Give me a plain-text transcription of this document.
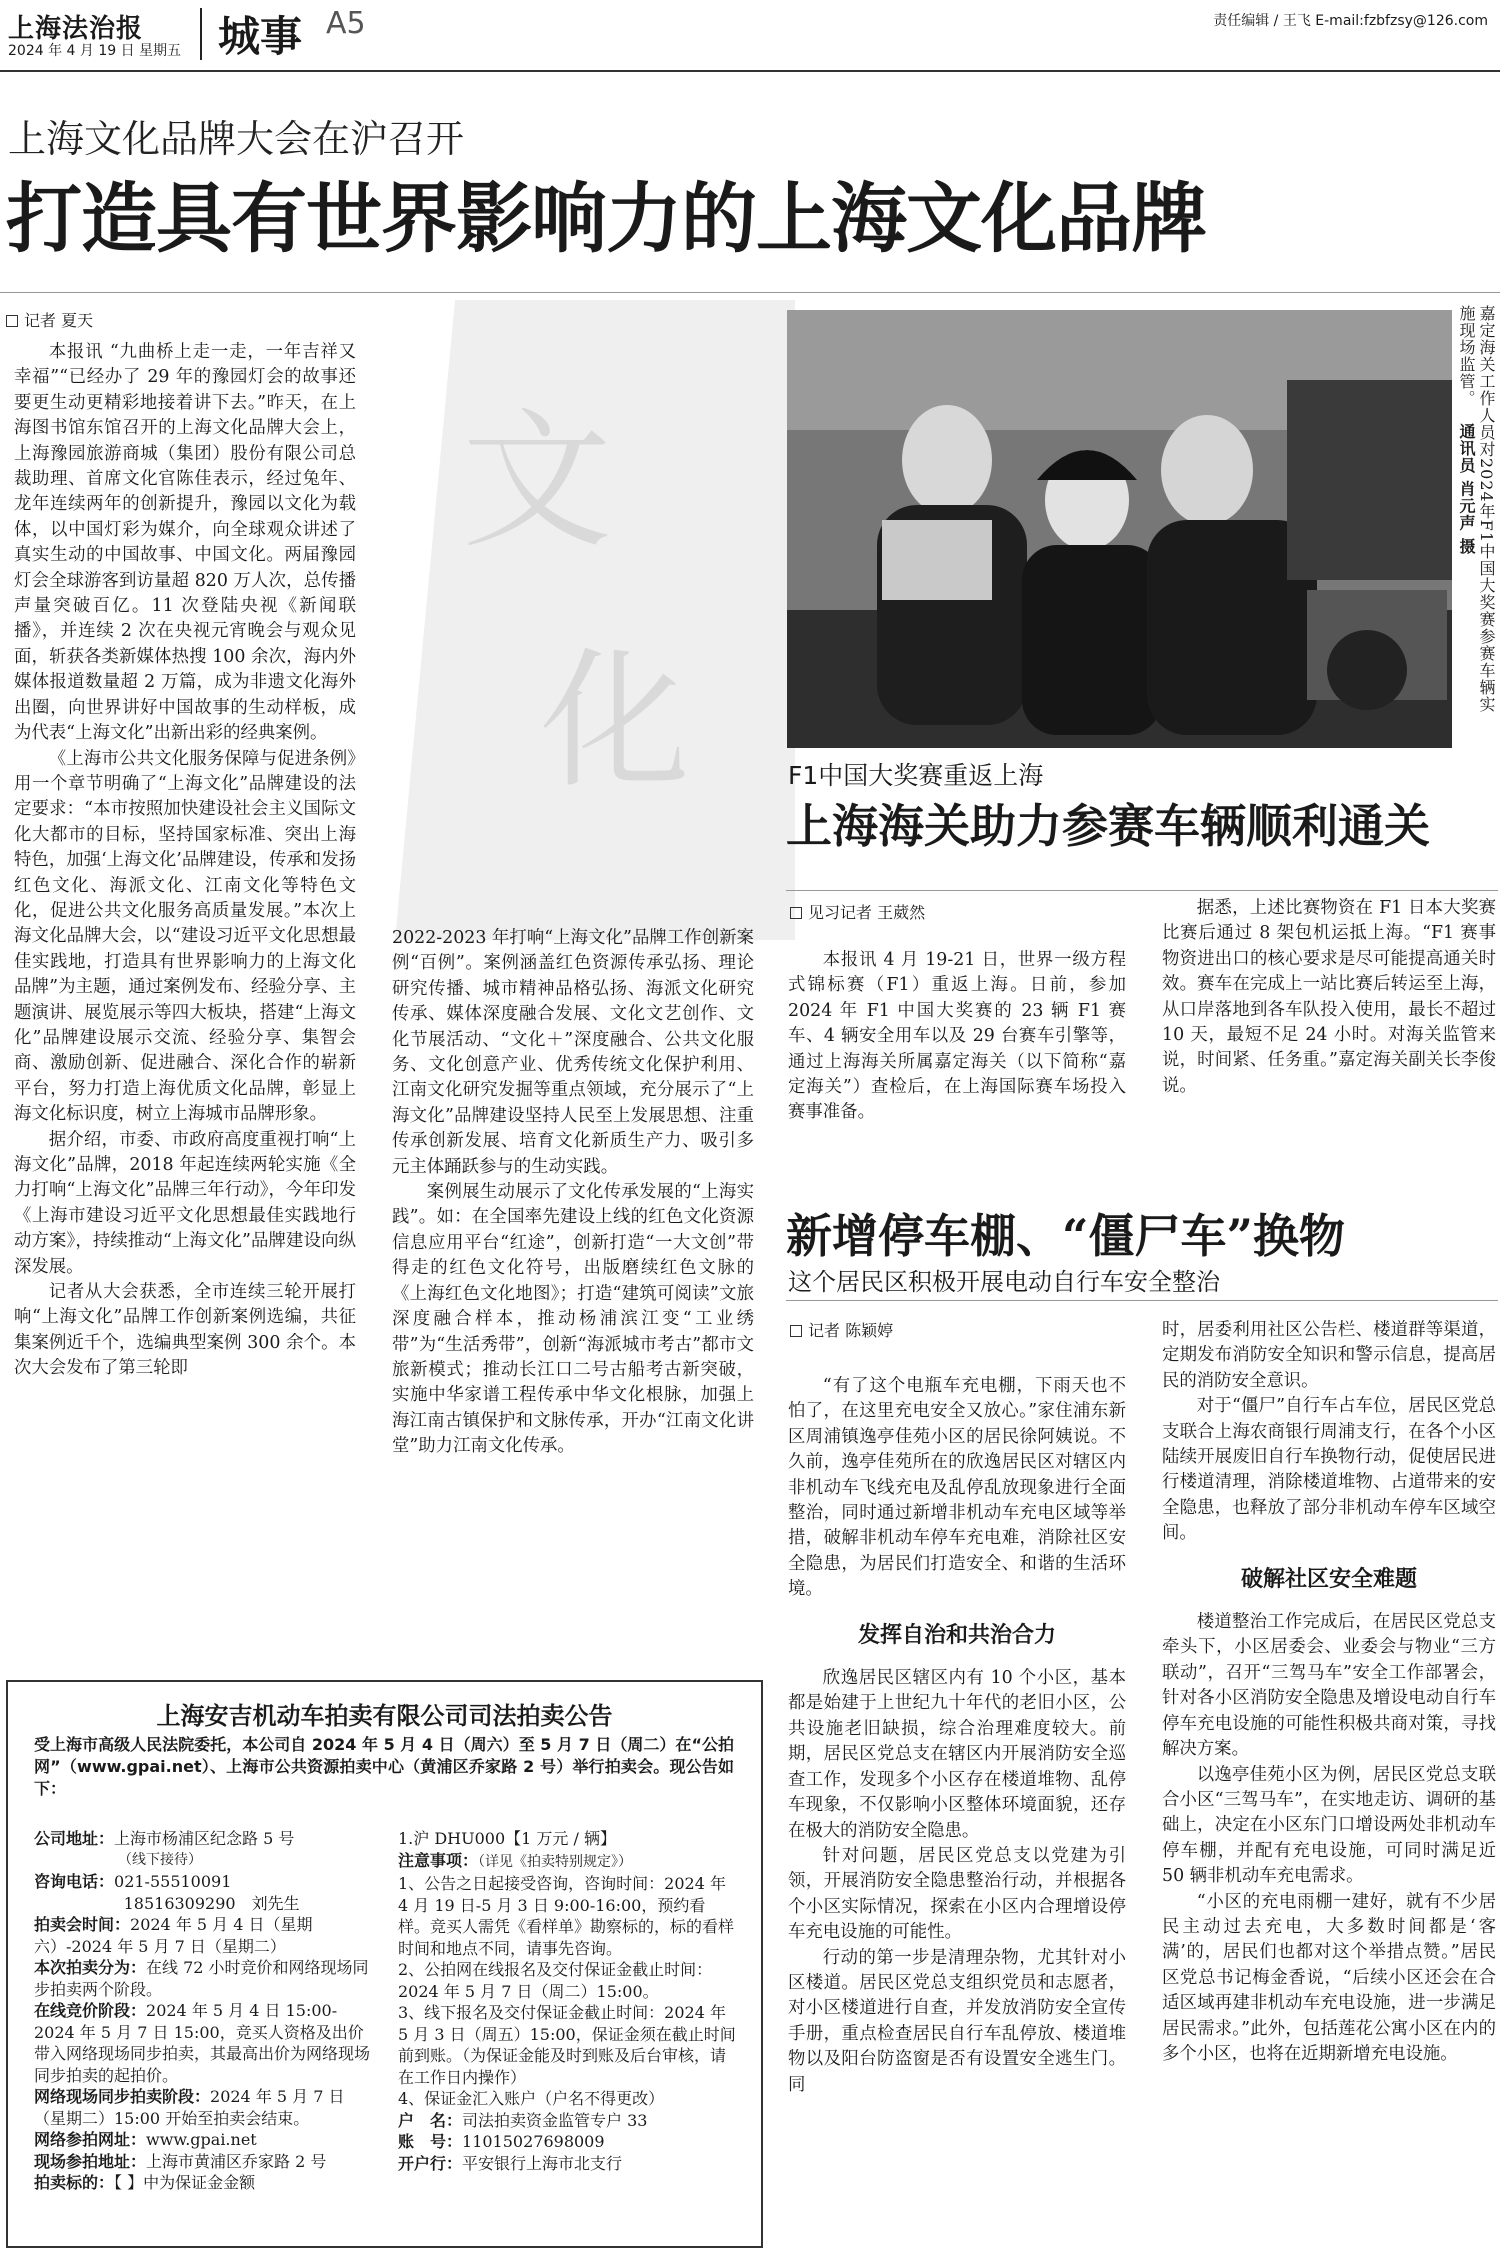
上海法治报
2024 年 4 月 19 日 星期五 城事 A5	责任编辑 / 王飞 E-mail:fzbfzsy@126.com
上海文化品牌大会在沪召开
打造具有世界影响力的上海文化品牌
记者 夏天
文
化

本报讯 “九曲桥上走一走，一年吉祥又幸福”“已经办了 29 年的豫园灯会的故事还要更生动更精彩地接着讲下去。”昨天，在上海图书馆东馆召开的上海文化品牌大会上，上海豫园旅游商城（集团）股份有限公司总裁助理、首席文化官陈佳表示，经过兔年、龙年连续两年的创新提升，豫园以文化为载体，以中国灯彩为媒介，向全球观众讲述了真实生动的中国故事、中国文化。两届豫园灯会全球游客到访量超 820 万人次，总传播声量突破百亿。11 次登陆央视《新闻联播》，并连续 2 次在央视元宵晚会与观众见面，斩获各类新媒体热搜 100 余次，海内外媒体报道数量超 2 万篇，成为非遗文化海外出圈，向世界讲好中国故事的生动样板，成为代表“上海文化”出新出彩的经典案例。

《上海市公共文化服务保障与促进条例》用一个章节明确了“上海文化”品牌建设的法定要求：“本市按照加快建设社会主义国际文化大都市的目标，坚持国家标准、突出上海特色，加强‘上海文化’品牌建设，传承和发扬红色文化、海派文化、江南文化等特色文化，促进公共文化服务高质量发展。”本次上海文化品牌大会，以“建设习近平文化思想最佳实践地，打造具有世界影响力的上海文化品牌”为主题，通过案例发布、经验分享、主题演讲、展览展示等四大板块，搭建“上海文化”品牌建设展示交流、经验分享、集智会商、激励创新、促进融合、深化合作的崭新平台，努力打造上海优质文化品牌，彰显上海文化标识度，树立上海城市品牌形象。

据介绍，市委、市政府高度重视打响“上海文化”品牌，2018 年起连续两轮实施《全力打响“上海文化”品牌三年行动》，今年印发《上海市建设习近平文化思想最佳实践地行动方案》，持续推动“上海文化”品牌建设向纵深发展。

记者从大会获悉，全市连续三轮开展打响“上海文化”品牌工作创新案例选编，共征集案例近千个，选编典型案例 300 余个。本次大会发布了第三轮即

2022-2023 年打响“上海文化”品牌工作创新案例“百例”。案例涵盖红色资源传承弘扬、理论研究传播、城市精神品格弘扬、海派文化研究传承、媒体深度融合发展、文化文艺创作、文化节展活动、“文化＋”深度融合、公共文化服务、文化创意产业、优秀传统文化保护利用、江南文化研究发掘等重点领域，充分展示了“上海文化”品牌建设坚持人民至上发展思想、注重传承创新发展、培育文化新质生产力、吸引多元主体踊跃参与的生动实践。

案例展生动展示了文化传承发展的“上海实践”。如：在全国率先建设上线的红色文化资源信息应用平台“红途”，创新打造“一大文创”带得走的红色文化符号，出版磨续红色文脉的《上海红色文化地图》；打造“建筑可阅读”文旅深度融合样本，推动杨浦滨江变“工业绣带”为“生活秀带”，创新“海派城市考古”都市文旅新模式；推动长江口二号古船考古新突破，实施中华家谱工程传承中华文化根脉，加强上海江南古镇保护和文脉传承，开办“江南文化讲堂”助力江南文化传承。

嘉定海关工作人员对2024年F1中国大奖赛参赛车辆实施现场监管。 通讯员 肖元声 摄
F1中国大奖赛重返上海
上海海关助力参赛车辆顺利通关
见习记者 王葳然

本报讯 4 月 19-21 日，世界一级方程式锦标赛（F1）重返上海。日前，参加 2024 年 F1 中国大奖赛的 23 辆 F1 赛车、4 辆安全用车以及 29 台赛车引擎等，通过上海海关所属嘉定海关（以下简称“嘉定海关”）查检后，在上海国际赛车场投入赛事准备。

据悉，上述比赛物资在 F1 日本大奖赛比赛后通过 8 架包机运抵上海。“F1 赛事物资进出口的核心要求是尽可能提高通关时效。赛车在完成上一站比赛后转运至上海，从口岸落地到各车队投入使用，最长不超过 10 天，最短不足 24 小时。对海关监管来说，时间紧、任务重。”嘉定海关副关长李俊说。

新增停车棚、“僵尸车”换物
这个居民区积极开展电动自行车安全整治
记者 陈颖婷

“有了这个电瓶车充电棚，下雨天也不怕了，在这里充电安全又放心。”家住浦东新区周浦镇逸亭佳苑小区的居民徐阿姨说。不久前，逸亭佳苑所在的欣逸居民区对辖区内非机动车飞线充电及乱停乱放现象进行全面整治，同时通过新增非机动车充电区域等举措，破解非机动车停车充电难，消除社区安全隐患，为居民们打造安全、和谐的生活环境。

发挥自治和共治合力

欣逸居民区辖区内有 10 个小区，基本都是始建于上世纪九十年代的老旧小区，公共设施老旧缺损，综合治理难度较大。前期，居民区党总支在辖区内开展消防安全巡查工作，发现多个小区存在楼道堆物、乱停车现象，不仅影响小区整体环境面貌，还存在极大的消防安全隐患。

针对问题，居民区党总支以党建为引领，开展消防安全隐患整治行动，并根据各个小区实际情况，探索在小区内合理增设停车充电设施的可能性。

行动的第一步是清理杂物，尤其针对小区楼道。居民区党总支组织党员和志愿者，对小区楼道进行自查，并发放消防安全宣传手册，重点检查居民自行车乱停放、楼道堆物以及阳台防盗窗是否有设置安全逃生门。同

时，居委利用社区公告栏、楼道群等渠道，定期发布消防安全知识和警示信息，提高居民的消防安全意识。

对于“僵尸”自行车占车位，居民区党总支联合上海农商银行周浦支行，在各个小区陆续开展废旧自行车换物行动，促使居民进行楼道清理，消除楼道堆物、占道带来的安全隐患，也释放了部分非机动车停车区域空间。

破解社区安全难题

楼道整治工作完成后，在居民区党总支牵头下，小区居委会、业委会与物业“三方联动”，召开“三驾马车”安全工作部署会，针对各小区消防安全隐患及增设电动自行车停车充电设施的可能性积极共商对策，寻找解决方案。

以逸亭佳苑小区为例，居民区党总支联合小区“三驾马车”，在实地走访、调研的基础上，决定在小区东门口增设两处非机动车停车棚，并配有充电设施，可同时满足近 50 辆非机动车充电需求。

“小区的充电雨棚一建好，就有不少居民主动过去充电，大多数时间都是‘客满’的，居民们也都对这个举措点赞。”居民区党总书记梅金香说，“后续小区还会在合适区域再建非机动车充电设施，进一步满足居民需求。”此外，包括莲花公寓小区在内的多个小区，也将在近期新增充电设施。

上海安吉机动车拍卖有限公司司法拍卖公告
受上海市高级人民法院委托，本公司自 2024 年 5 月 4 日（周六）至 5 月 7 日（周二）在“公拍网”（www.gpai.net）、上海市公共资源拍卖中心（黄浦区乔家路 2 号）举行拍卖会。现公告如下：
公司地址：上海市杨浦区纪念路 5 号
（线下接待）
咨询电话：021-55510091
18516309290　刘先生
拍卖会时间：2024 年 5 月 4 日（星期六）-2024 年 5 月 7 日（星期二）
本次拍卖分为：在线 72 小时竞价和网络现场同步拍卖两个阶段。
在线竞价阶段：2024 年 5 月 4 日 15:00-2024 年 5 月 7 日 15:00，竞买人资格及出价带入网络现场同步拍卖，其最高出价为网络现场同步拍卖的起拍价。
网络现场同步拍卖阶段：2024 年 5 月 7 日（星期二）15:00 开始至拍卖会结束。
网络参拍网址：www.gpai.net
现场参拍地址：上海市黄浦区乔家路 2 号
拍卖标的：【 】中为保证金金额
1.沪 DHU000【1 万元 / 辆】
注意事项：（详见《拍卖特别规定》）
1、公告之日起接受咨询，咨询时间：2024 年 4 月 19 日-5 月 3 日 9:00-16:00，预约看样。竞买人需凭《看样单》勘察标的，标的看样时间和地点不同，请事先咨询。
2、公拍网在线报名及交付保证金截止时间：2024 年 5 月 7 日（周二）15:00。
3、线下报名及交付保证金截止时间：2024 年 5 月 3 日（周五）15:00，保证金须在截止时间前到账。（为保证金能及时到账及后台审核，请在工作日内操作）
4、保证金汇入账户（户名不得更改）
户　名：司法拍卖资金监管专户 33
账　号：11015027698009
开户行：平安银行上海市北支行
